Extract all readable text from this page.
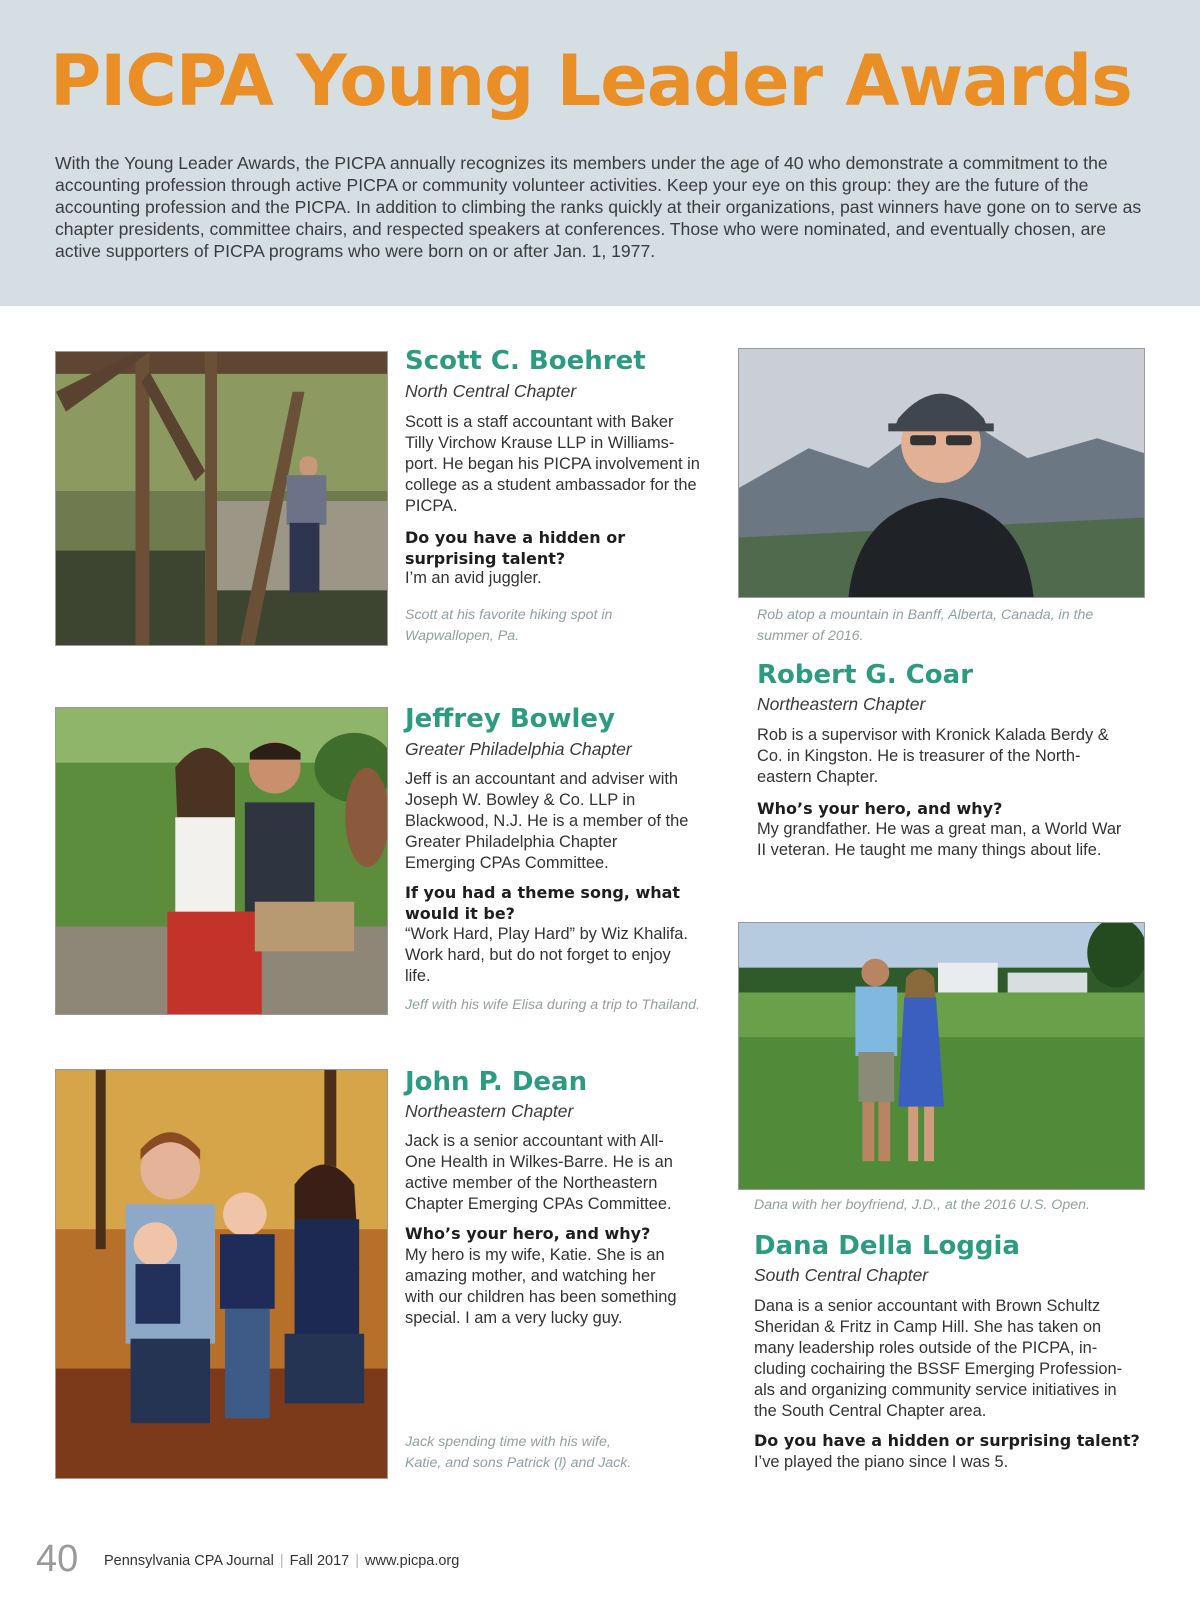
PICPA Young Leader Awards

With the Young Leader Awards, the PICPA annually recognizes its members under the age of 40 who demonstrate a commitment to the accounting profession through active PICPA or community volunteer activities. Keep your eye on this group: they are the future of the accounting profession and the PICPA. In addition to climbing the ranks quickly at their organizations, past winners have gone on to serve as chapter presidents, committee chairs, and respected speakers at conferences. Those who were nominated, and eventually chosen, are active supporters of PICPA programs who were born on or after Jan. 1, 1977.

Scott C. Boehret
North Central Chapter

Scott is a staff accountant with Baker Tilly Virchow Krause LLP in Williams-port. He began his PICPA involvement in college as a student ambassador for the PICPA.

Do you have a hidden or surprising talent?

I’m an avid juggler.

Scott at his favorite hiking spot in Wapwallopen, Pa.

Jeffrey Bowley
Greater Philadelphia Chapter

Jeff is an accountant and adviser with Joseph W. Bowley & Co. LLP in Blackwood, N.J. He is a member of the Greater Philadelphia Chapter Emerging CPAs Committee.

If you had a theme song, what would it be?

“Work Hard, Play Hard” by Wiz Khalifa. Work hard, but do not forget to enjoy life.

Jeff with his wife Elisa during a trip to Thailand.

John P. Dean
Northeastern Chapter

Jack is a senior accountant with All-One Health in Wilkes-Barre. He is an active member of the Northeastern Chapter Emerging CPAs Committee.

Who’s your hero, and why?

My hero is my wife, Katie. She is an amazing mother, and watching her with our children has been something special. I am a very lucky guy.

Jack spending time with his wife, Katie, and sons Patrick (l) and Jack.

Rob atop a mountain in Banff, Alberta, Canada, in the summer of 2016.

Robert G. Coar
Northeastern Chapter

Rob is a supervisor with Kronick Kalada Berdy & Co. in Kingston. He is treasurer of the North-eastern Chapter.

Who’s your hero, and why?

My grandfather. He was a great man, a World War II veteran. He taught me many things about life.

Dana with her boyfriend, J.D., at the 2016 U.S. Open.

Dana Della Loggia
South Central Chapter

Dana is a senior accountant with Brown Schultz Sheridan & Fritz in Camp Hill. She has taken on many leadership roles outside of the PICPA, in-cluding cochairing the BSSF Emerging Profession-als and organizing community service initiatives in the South Central Chapter area.

Do you have a hidden or surprising talent?

I’ve played the piano since I was 5.

40 Pennsylvania CPA Journal | Fall 2017 | www.picpa.org
